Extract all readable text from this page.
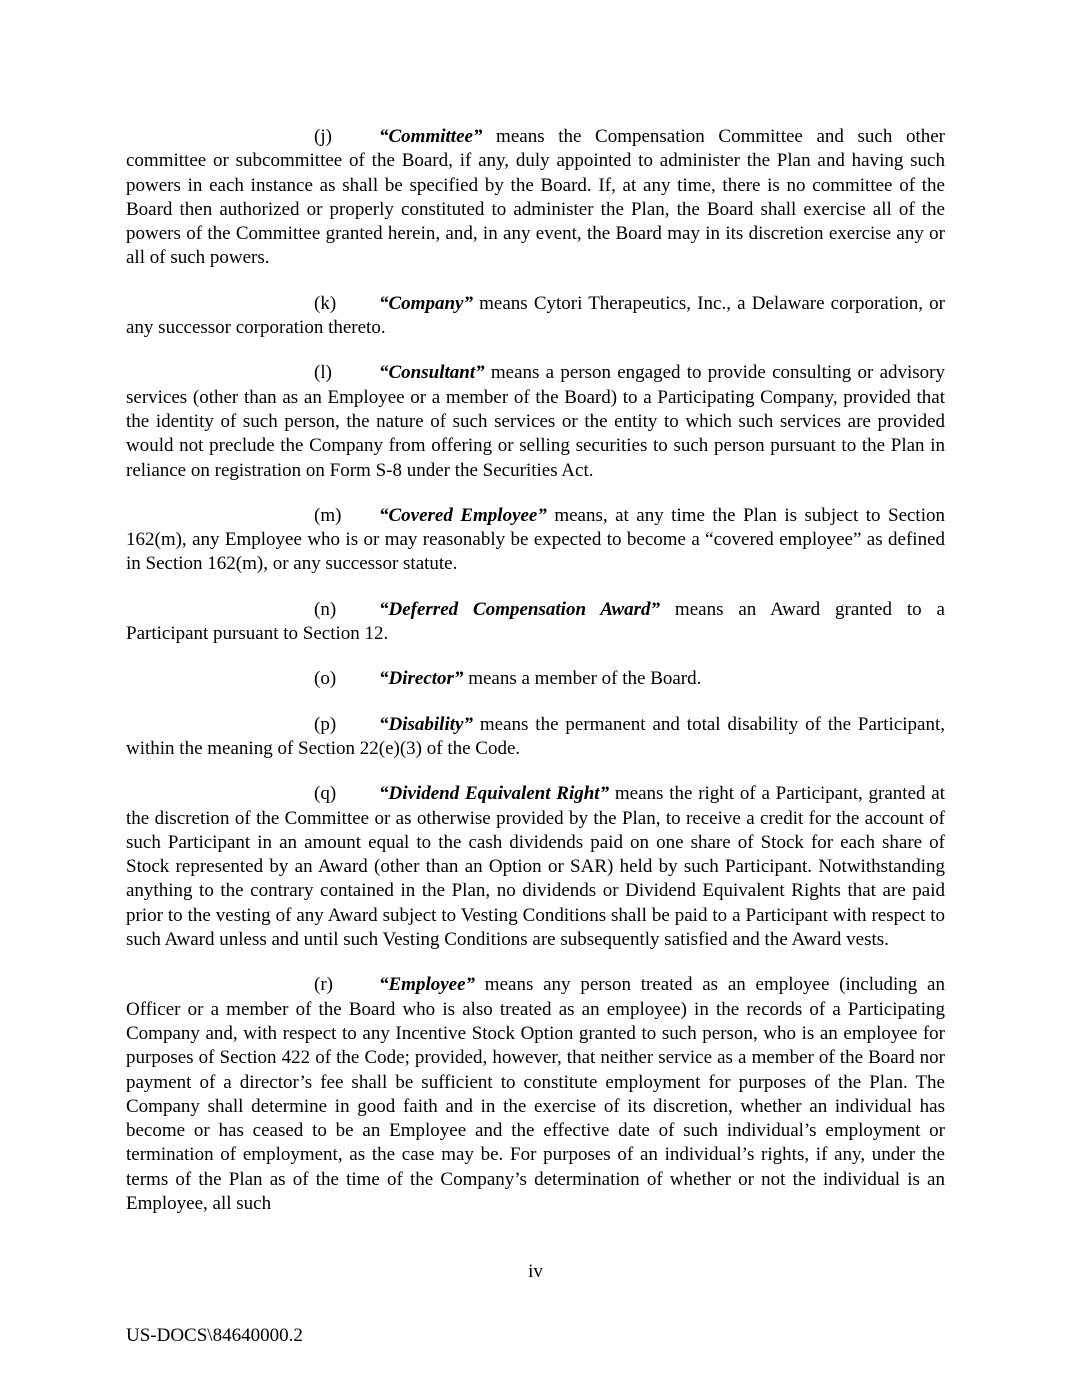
(j) “Committee” means the Compensation Committee and such other committee or subcommittee of the Board, if any, duly appointed to administer the Plan and having such powers in each instance as shall be specified by the Board. If, at any time, there is no committee of the Board then authorized or properly constituted to administer the Plan, the Board shall exercise all of the powers of the Committee granted herein, and, in any event, the Board may in its discretion exercise any or all of such powers.

(k) “Company” means Cytori Therapeutics, Inc., a Delaware corporation, or any successor corporation thereto.

(l) “Consultant” means a person engaged to provide consulting or advisory services (other than as an Employee or a member of the Board) to a Participating Company, provided that the identity of such person, the nature of such services or the entity to which such services are provided would not preclude the Company from offering or selling securities to such person pursuant to the Plan in reliance on registration on Form S-8 under the Securities Act.

(m) “Covered Employee” means, at any time the Plan is subject to Section 162(m), any Employee who is or may reasonably be expected to become a “covered employee” as defined in Section 162(m), or any successor statute.

(n) “Deferred Compensation Award” means an Award granted to a Participant pursuant to Section 12.

(o) “Director” means a member of the Board.

(p) “Disability” means the permanent and total disability of the Participant, within the meaning of Section 22(e)(3) of the Code.

(q) “Dividend Equivalent Right” means the right of a Participant, granted at the discretion of the Committee or as otherwise provided by the Plan, to receive a credit for the account of such Participant in an amount equal to the cash dividends paid on one share of Stock for each share of Stock represented by an Award (other than an Option or SAR) held by such Participant. Notwithstanding anything to the contrary contained in the Plan, no dividends or Dividend Equivalent Rights that are paid prior to the vesting of any Award subject to Vesting Conditions shall be paid to a Participant with respect to such Award unless and until such Vesting Conditions are subsequently satisfied and the Award vests.

(r) “Employee” means any person treated as an employee (including an Officer or a member of the Board who is also treated as an employee) in the records of a Participating Company and, with respect to any Incentive Stock Option granted to such person, who is an employee for purposes of Section 422 of the Code; provided, however, that neither service as a member of the Board nor payment of a director’s fee shall be sufficient to constitute employment for purposes of the Plan. The Company shall determine in good faith and in the exercise of its discretion, whether an individual has become or has ceased to be an Employee and the effective date of such individual’s employment or termination of employment, as the case may be. For purposes of an individual’s rights, if any, under the terms of the Plan as of the time of the Company’s determination of whether or not the individual is an Employee, all such

iv
US-DOCS\84640000.2
